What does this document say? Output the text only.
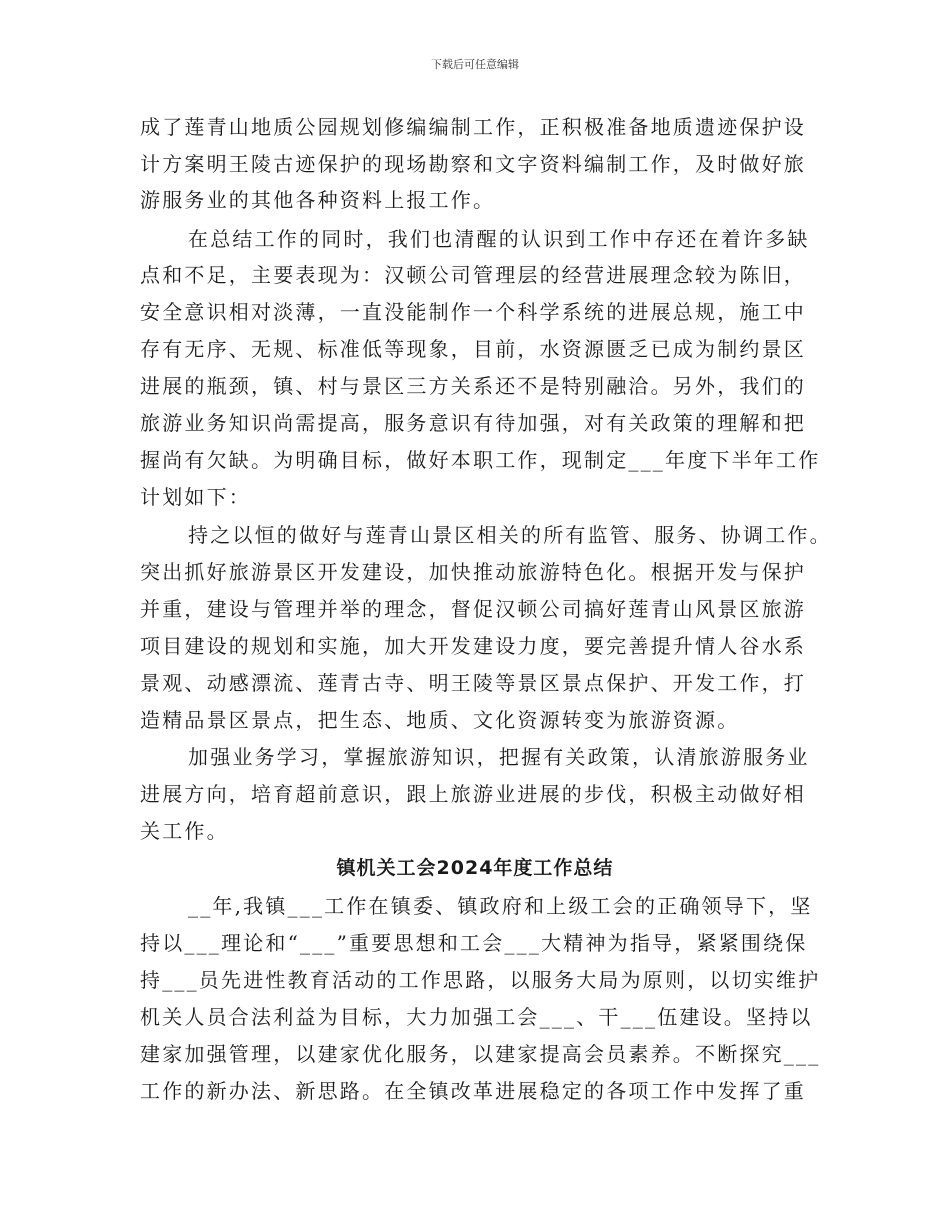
下载后可任意编辑
成了莲青山地质公园规划修编编制工作，正积极准备地质遗迹保护设
计方案明王陵古迹保护的现场勘察和文字资料编制工作，及时做好旅
游服务业的其他各种资料上报工作。
在总结工作的同时，我们也清醒的认识到工作中存还在着许多缺
点和不足，主要表现为：汉顿公司管理层的经营进展理念较为陈旧，
安全意识相对淡薄，一直没能制作一个科学系统的进展总规，施工中
存有无序、无规、标准低等现象，目前，水资源匮乏已成为制约景区
进展的瓶颈，镇、村与景区三方关系还不是特别融洽。另外，我们的
旅游业务知识尚需提高，服务意识有待加强，对有关政策的理解和把
握尚有欠缺。为明确目标，做好本职工作，现制定___年度下半年工作
计划如下：
持之以恒的做好与莲青山景区相关的所有监管、服务、协调工作。
突出抓好旅游景区开发建设，加快推动旅游特色化。根据开发与保护
并重，建设与管理并举的理念，督促汉顿公司搞好莲青山风景区旅游
项目建设的规划和实施，加大开发建设力度，要完善提升情人谷水系
景观、动感漂流、莲青古寺、明王陵等景区景点保护、开发工作，打
造精品景区景点，把生态、地质、文化资源转变为旅游资源。
加强业务学习，掌握旅游知识，把握有关政策，认清旅游服务业
进展方向，培育超前意识，跟上旅游业进展的步伐，积极主动做好相
关工作。
镇机关工会2024年度工作总结
__年,我镇___工作在镇委、镇政府和上级工会的正确领导下，坚
持以___理论和“___”重要思想和工会___大精神为指导，紧紧围绕保
持___员先进性教育活动的工作思路，以服务大局为原则，以切实维护
机关人员合法利益为目标，大力加强工会___、干___伍建设。坚持以
建家加强管理，以建家优化服务，以建家提高会员素养。不断探究___
工作的新办法、新思路。在全镇改革进展稳定的各项工作中发挥了重
